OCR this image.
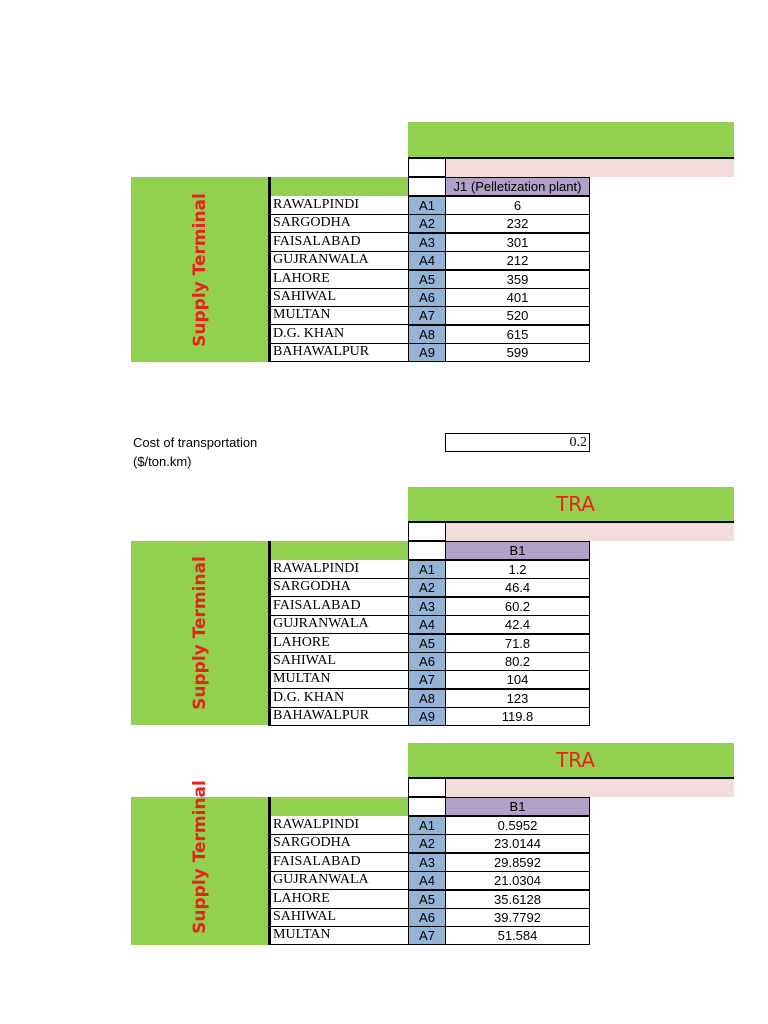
Supply Terminal
J1 (Pelletization plant)
RAWALPINDI	A1	6
SARGODHA	A2	232
FAISALABAD	A3	301
GUJRANWALA	A4	212
LAHORE	A5	359
SAHIWAL	A6	401
MULTAN	A7	520
D.G. KHAN	A8	615
BAHAWALPUR	A9	599
Cost of transportation
($/ton.km)
0.2
TRA
Supply Terminal
B1
RAWALPINDI	A1	1.2
SARGODHA	A2	46.4
FAISALABAD	A3	60.2
GUJRANWALA	A4	42.4
LAHORE	A5	71.8
SAHIWAL	A6	80.2
MULTAN	A7	104
D.G. KHAN	A8	123
BAHAWALPUR	A9	119.8
TRA
Supply Terminal	B1
RAWALPINDI	A1	0.5952
SARGODHA	A2	23.0144
FAISALABAD	A3	29.8592
GUJRANWALA	A4	21.0304
LAHORE	A5	35.6128
SAHIWAL	A6	39.7792
MULTAN	A7	51.584
